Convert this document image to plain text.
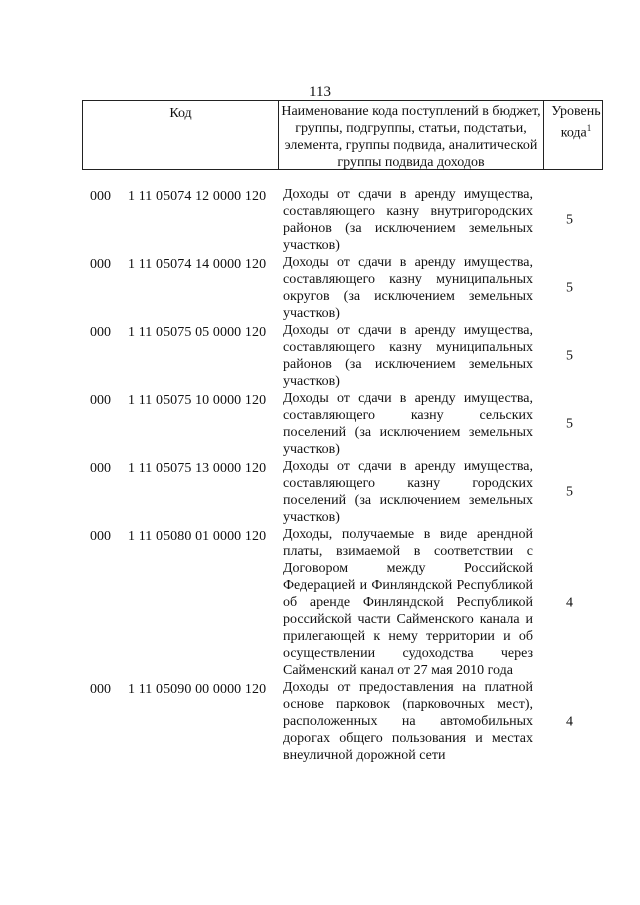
113
Код	Наименование кода поступлений в бюджет, группы, подгруппы, статьи, подстатьи, элемента, группы подвида, аналитической группы подвида доходов
Уровень кода$^1$
000 1 11 05074 12 0000 120 Доходы от сдачи в аренду имущества, составляющего казну внутригородских районов (за исключением земельных участков)
5
000 1 11 05074 14 0000 120 Доходы от сдачи в аренду имущества, составляющего казну муниципальных округов (за исключением земельных участков)
5
000 1 11 05075 05 0000 120 Доходы от сдачи в аренду имущества, составляющего казну муниципальных районов (за исключением земельных участков)
5
000 1 11 05075 10 0000 120 Доходы от сдачи в аренду имущества, составляющего казну сельских поселений (за исключением земельных участков)
5
000 1 11 05075 13 0000 120 Доходы от сдачи в аренду имущества, составляющего казну городских поселений (за исключением земельных участков)
5
000 1 11 05080 01 0000 120 Доходы, получаемые в виде арендной платы, взимаемой в соответствии с Договором между Российской Федерацией и Финляндской Республикой об аренде Финляндской Республикой российской части Сайменского канала и прилегающей к нему территории и об осуществлении судоходства через Сайменский канал от 27 мая 2010 года
4
000 1 11 05090 00 0000 120 Доходы от предоставления на платной основе парковок (парковочных мест), расположенных на автомобильных дорогах общего пользования и местах внеуличной дорожной сети
4
